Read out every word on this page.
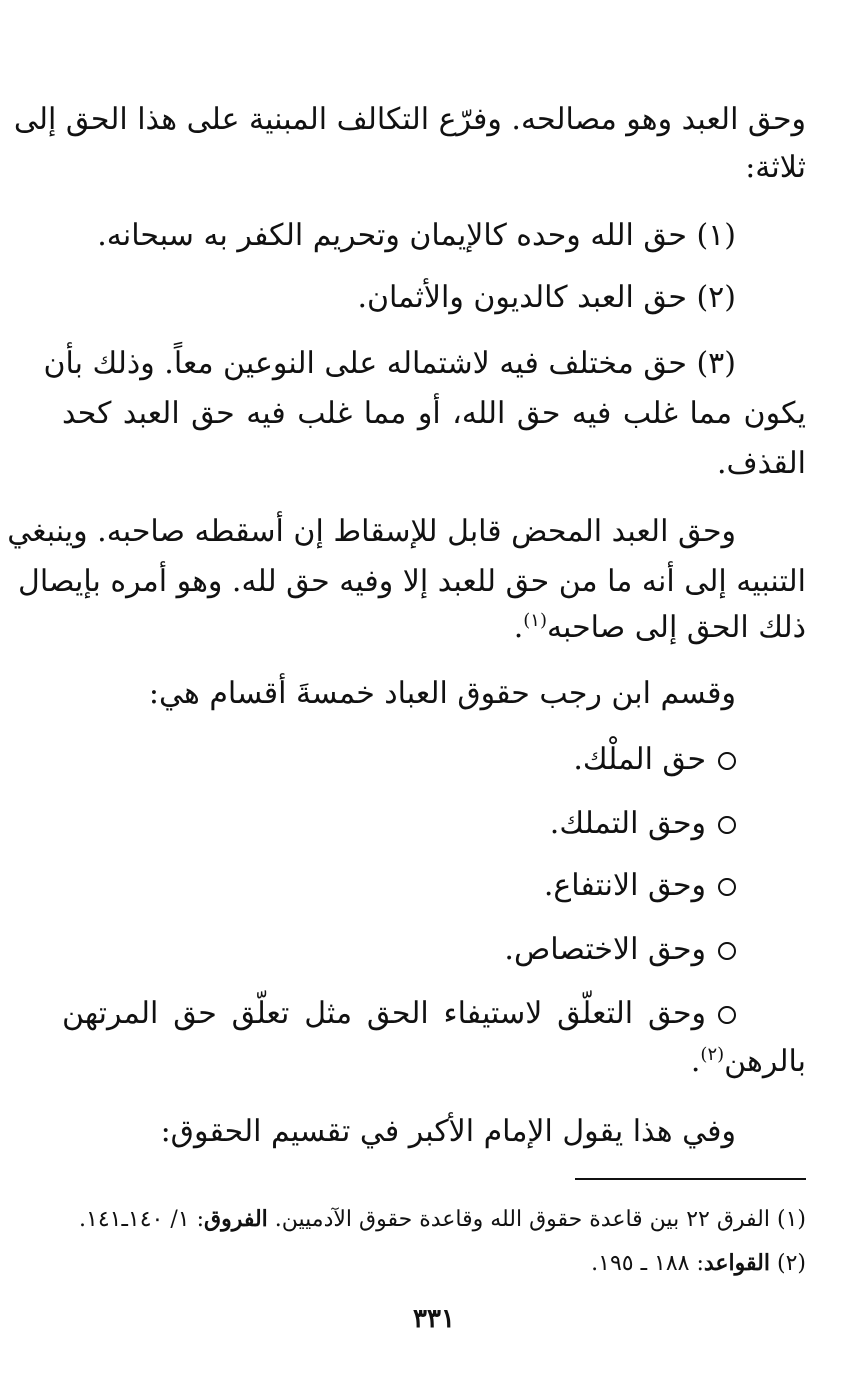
وحق العبد وهو مصالحه. وفرّع التكالف المبنية على هذا الحق إلى
ثلاثة:
(١) حق الله وحده كالإيمان وتحريم الكفر به سبحانه.
(٢) حق العبد كالديون والأثمان.
(٣) حق مختلف فيه لاشتماله على النوعين معاً. وذلك بأن
يكون مما غلب فيه حق الله، أو مما غلب فيه حق العبد كحد
القذف.
وحق العبد المحض قابل للإسقاط إن أسقطه صاحبه. وينبغي
التنبيه إلى أنه ما من حق للعبد إلا وفيه حق لله. وهو أمره بإيصال
ذلك الحق إلى صاحبه$^{(١)}$.
وقسم ابن رجب حقوق العباد خمسةَ أقسام هي:
حق الملْك.
وحق التملك.
وحق الانتفاع.
وحق الاختصاص.
وحق التعلّق لاستيفاء الحق مثل تعلّق حق المرتهن
بالرهن$^{(٢)}$.
وفي هذا يقول الإمام الأكبر في تقسيم الحقوق:
(١) الفرق ٢٢ بين قاعدة حقوق الله وقاعدة حقوق الآدميين. الفروق: ١/ ١٤٠ـ١٤١.
(٢) القواعد: ١٨٨ ـ ١٩٥.
٣٣١
